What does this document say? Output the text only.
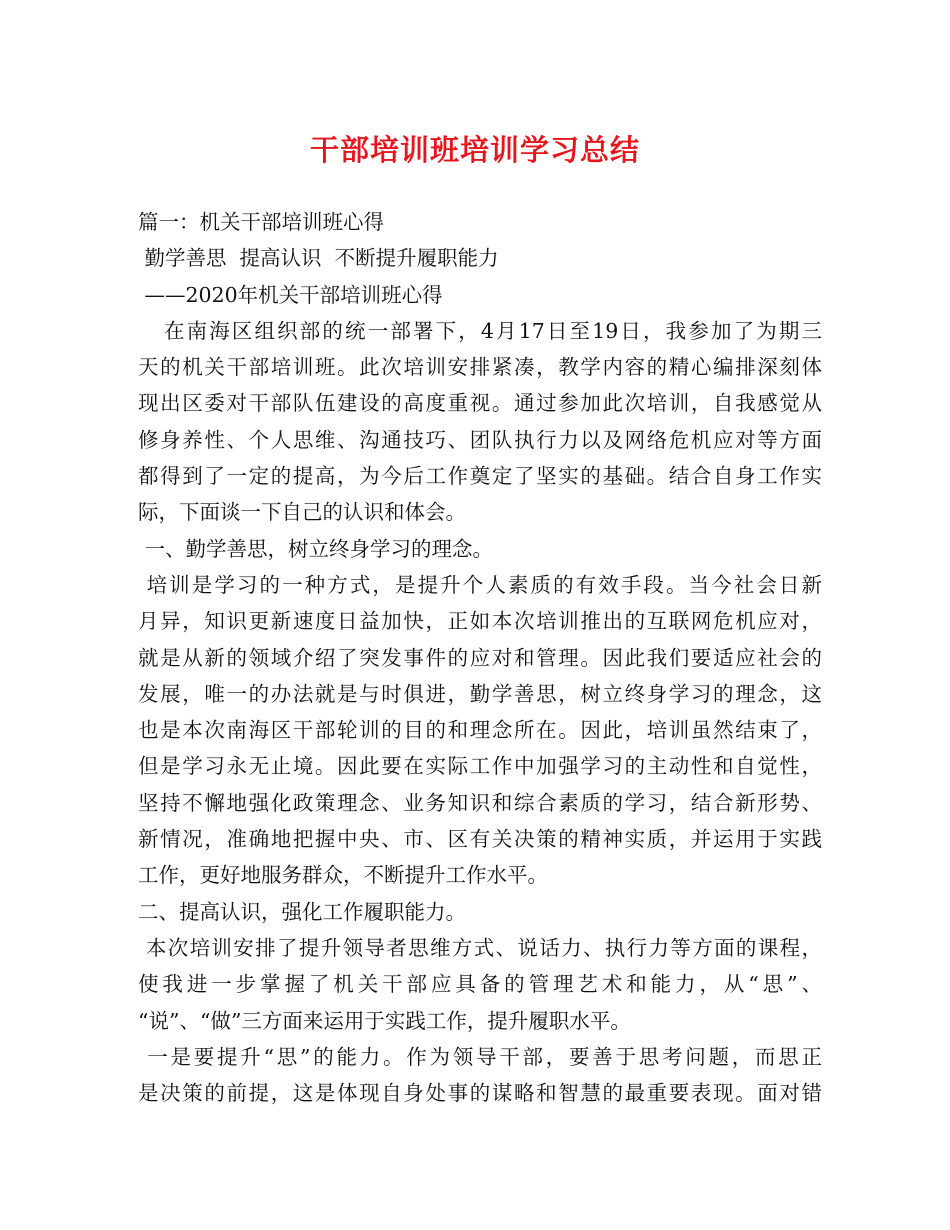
干部培训班培训学习总结
篇一：机关干部培训班心得
勤学善思  提高认识  不断提升履职能力
——2020年机关干部培训班心得
在南海区组织部的统一部署下，4月17日至19日，我参加了为期三
天的机关干部培训班。此次培训安排紧凑，教学内容的精心编排深刻体
现出区委对干部队伍建设的高度重视。通过参加此次培训，自我感觉从
修身养性、个人思维、沟通技巧、团队执行力以及网络危机应对等方面
都得到了一定的提高，为今后工作奠定了坚实的基础。结合自身工作实
际，下面谈一下自己的认识和体会。
一、勤学善思，树立终身学习的理念。
培训是学习的一种方式，是提升个人素质的有效手段。当今社会日新
月异，知识更新速度日益加快，正如本次培训推出的互联网危机应对，
就是从新的领域介绍了突发事件的应对和管理。因此我们要适应社会的
发展，唯一的办法就是与时俱进，勤学善思，树立终身学习的理念，这
也是本次南海区干部轮训的目的和理念所在。因此，培训虽然结束了，
但是学习永无止境。因此要在实际工作中加强学习的主动性和自觉性，
坚持不懈地强化政策理念、业务知识和综合素质的学习，结合新形势、
新情况，准确地把握中央、市、区有关决策的精神实质，并运用于实践
工作，更好地服务群众，不断提升工作水平。
二、提高认识，强化工作履职能力。
本次培训安排了提升领导者思维方式、说话力、执行力等方面的课程，
使我进一步掌握了机关干部应具备的管理艺术和能力，从“思”、
“说”、“做”三方面来运用于实践工作，提升履职水平。
一是要提升“思”的能力。作为领导干部，要善于思考问题，而思正
是决策的前提，这是体现自身处事的谋略和智慧的最重要表现。面对错
